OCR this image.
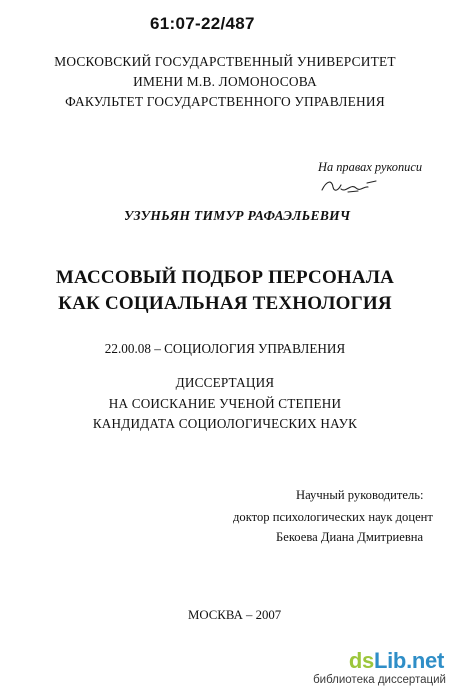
61:07-22/487
МОСКОВСКИЙ ГОСУДАРСТВЕННЫЙ УНИВЕРСИТЕТ
ИМЕНИ М.В. ЛОМОНОСОВА
ФАКУЛЬТЕТ ГОСУДАРСТВЕННОГО УПРАВЛЕНИЯ
На правах рукописи
УЗУНЬЯН ТИМУР РАФАЭЛЬЕВИЧ
МАССОВЫЙ ПОДБОР ПЕРСОНАЛА
КАК СОЦИАЛЬНАЯ ТЕХНОЛОГИЯ
22.00.08 – СОЦИОЛОГИЯ УПРАВЛЕНИЯ
ДИССЕРТАЦИЯ
НА СОИСКАНИЕ УЧЕНОЙ СТЕПЕНИ
КАНДИДАТА СОЦИОЛОГИЧЕСКИХ НАУК
Научный руководитель:
доктор психологических наук доцент
Бекоева Диана Дмитриевна
МОСКВА – 2007
dsLib.net
библиотека диссертаций
